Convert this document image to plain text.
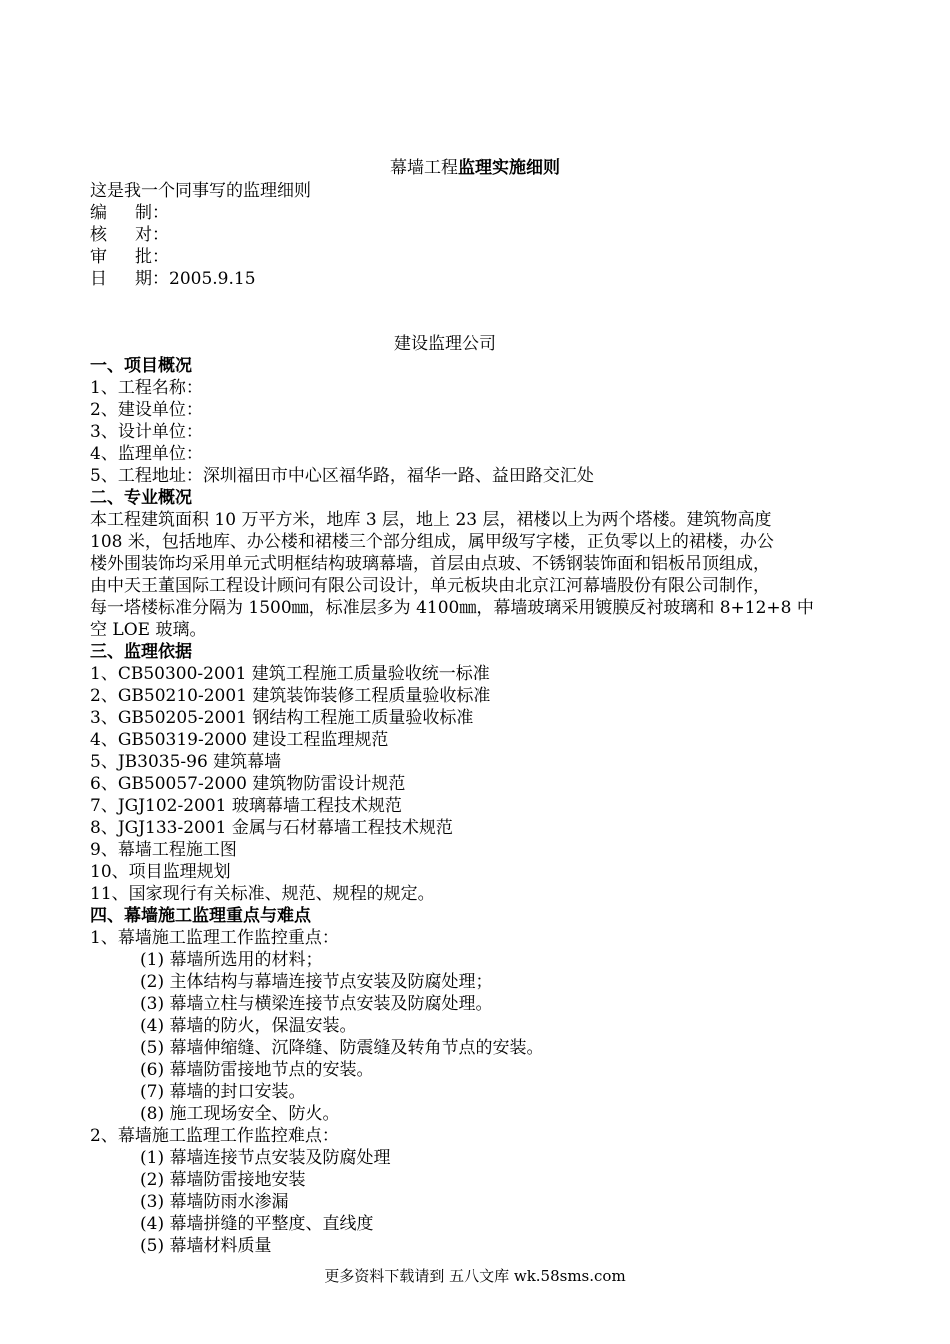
幕墙工程监理实施细则
这是我一个同事写的监理细则
编 制：
核 对：
审 批：
日 期：2005.9.15
建设监理公司
一、项目概况
1、工程名称：
2、建设单位：
3、设计单位：
4、监理单位：
5、工程地址：深圳福田市中心区福华路，福华一路、益田路交汇处
二、专业概况
本工程建筑面积 10 万平方米，地库 3 层，地上 23 层，裙楼以上为两个塔楼。建筑物高度
108 米，包括地库、办公楼和裙楼三个部分组成，属甲级写字楼，正负零以上的裙楼，办公
楼外围装饰均采用单元式明框结构玻璃幕墙，首层由点玻、不锈钢装饰面和铝板吊顶组成，
由中天王董国际工程设计顾问有限公司设计，单元板块由北京江河幕墙股份有限公司制作，
每一塔楼标准分隔为 1500㎜，标准层多为 4100㎜，幕墙玻璃采用镀膜反衬玻璃和 8+12+8 中
空 LOE 玻璃。
三、监理依据
1、CB50300-2001 建筑工程施工质量验收统一标准
2、GB50210-2001 建筑装饰装修工程质量验收标准
3、GB50205-2001 钢结构工程施工质量验收标准
4、GB50319-2000 建设工程监理规范
5、JB3035-96 建筑幕墙
6、GB50057-2000 建筑物防雷设计规范
7、JGJ102-2001 玻璃幕墙工程技术规范
8、JGJ133-2001 金属与石材幕墙工程技术规范
9、幕墙工程施工图
10、项目监理规划
11、国家现行有关标准、规范、规程的规定。
四、幕墙施工监理重点与难点
1、幕墙施工监理工作监控重点：
(1) 幕墙所选用的材料；
(2) 主体结构与幕墙连接节点安装及防腐处理；
(3) 幕墙立柱与横梁连接节点安装及防腐处理。
(4) 幕墙的防火，保温安装。
(5) 幕墙伸缩缝、沉降缝、防震缝及转角节点的安装。
(6) 幕墙防雷接地节点的安装。
(7) 幕墙的封口安装。
(8) 施工现场安全、防火。
2、幕墙施工监理工作监控难点：
(1) 幕墙连接节点安装及防腐处理
(2) 幕墙防雷接地安装
(3) 幕墙防雨水渗漏
(4) 幕墙拼缝的平整度、直线度
(5) 幕墙材料质量
更多资料下载请到 五八文库 wk.58sms.com
